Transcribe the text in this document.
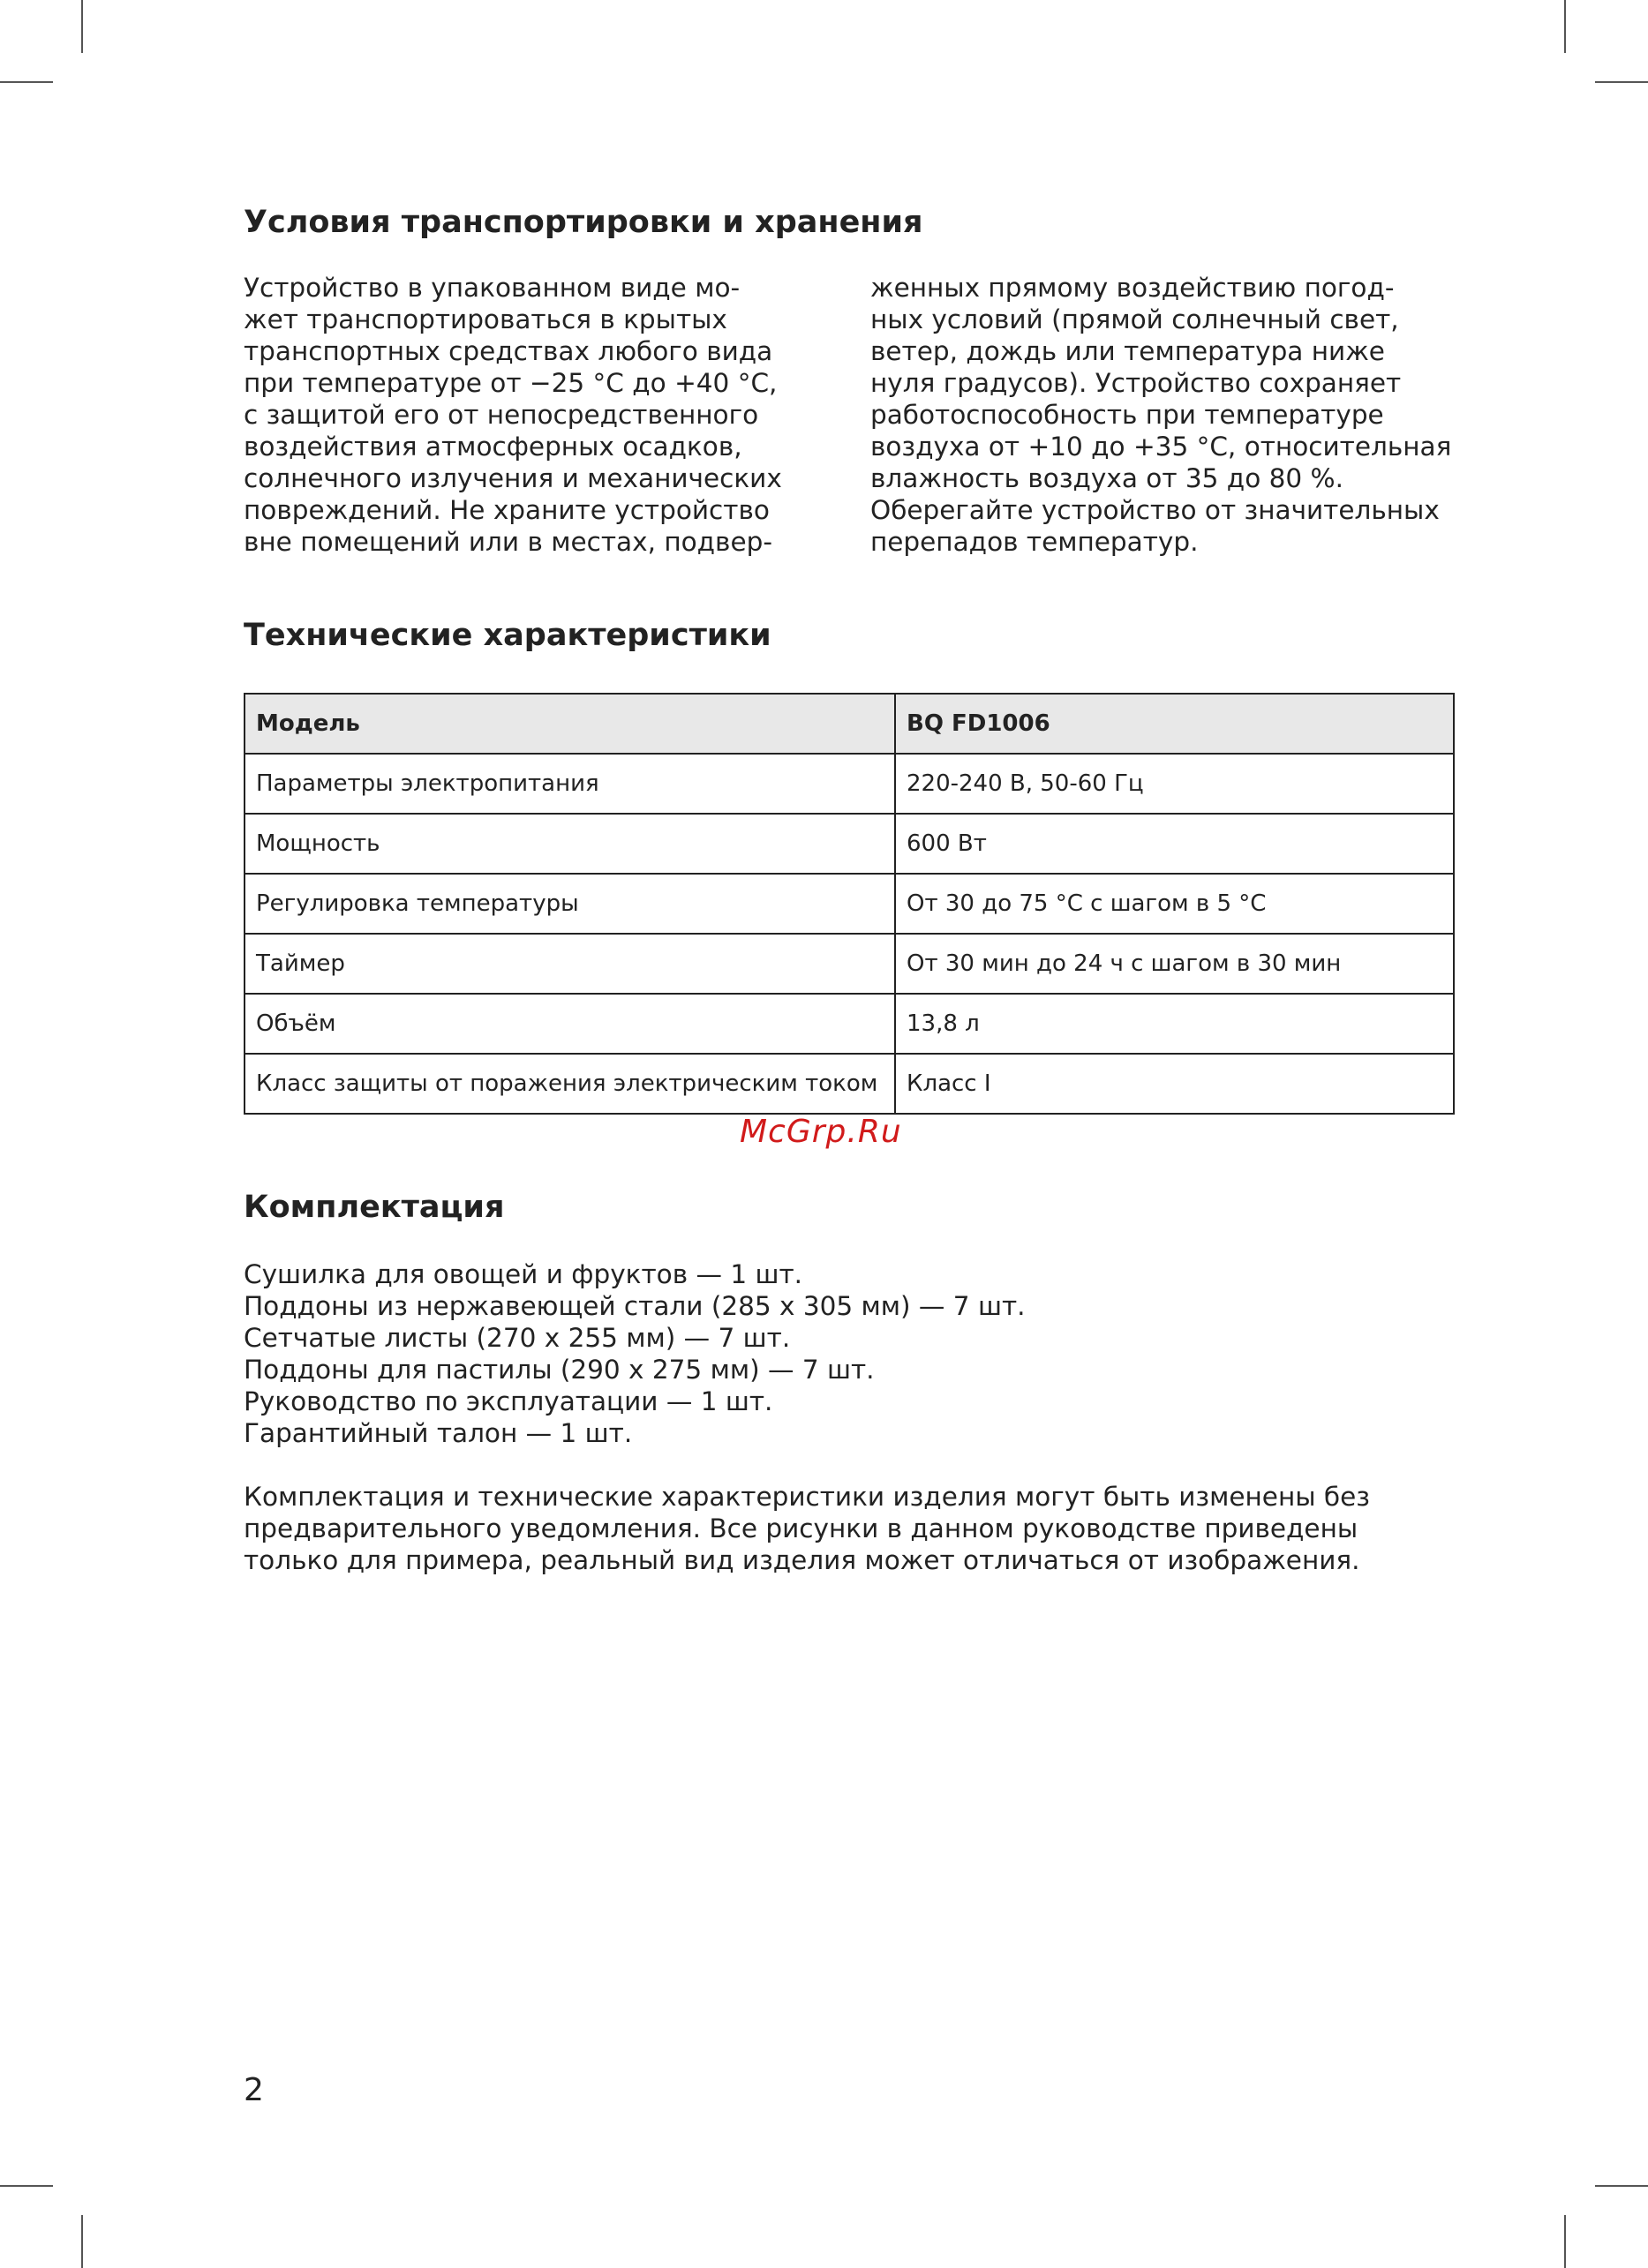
Условия транспортировки и хранения
Устройство в упакованном виде мо-
жет транспортироваться в крытых
транспортных средствах любого вида
при температуре от −25 °C до +40 °C,
с защитой его от непосредственного
воздействия атмосферных осадков,
солнечного излучения и механических
повреждений. Не храните устройство
вне помещений или в местах, подвер-
женных прямому воздействию погод-
ных условий (прямой солнечный свет,
ветер, дождь или температура ниже
нуля градусов). Устройство сохраняет
работоспособность при температуре
воздуха от +10 до +35 °C, относительная
влажность воздуха от 35 до 80 %.
Оберегайте устройство от значительных
перепадов температур.
Технические характеристики
Модель	BQ FD1006
Параметры электропитания	220-240 В, 50-60 Гц
Мощность	600 Вт
Регулировка температуры	От 30 до 75 °C с шагом в 5 °C
Таймер	От 30 мин до 24 ч с шагом в 30 мин
Объём	13,8 л
Класс защиты от поражения электрическим током	Класс I
McGrp.Ru
Комплектация
Сушилка для овощей и фруктов — 1 шт.
Поддоны из нержавеющей стали (285 x 305 мм) — 7 шт.
Сетчатые листы (270 x 255 мм) — 7 шт.
Поддоны для пастилы (290 x 275 мм) — 7 шт.
Руководство по эксплуатации — 1 шт.
Гарантийный талон — 1 шт.
Комплектация и технические характеристики изделия могут быть изменены без
предварительного уведомления. Все рисунки в данном руководстве приведены
только для примера, реальный вид изделия может отличаться от изображения.
2
